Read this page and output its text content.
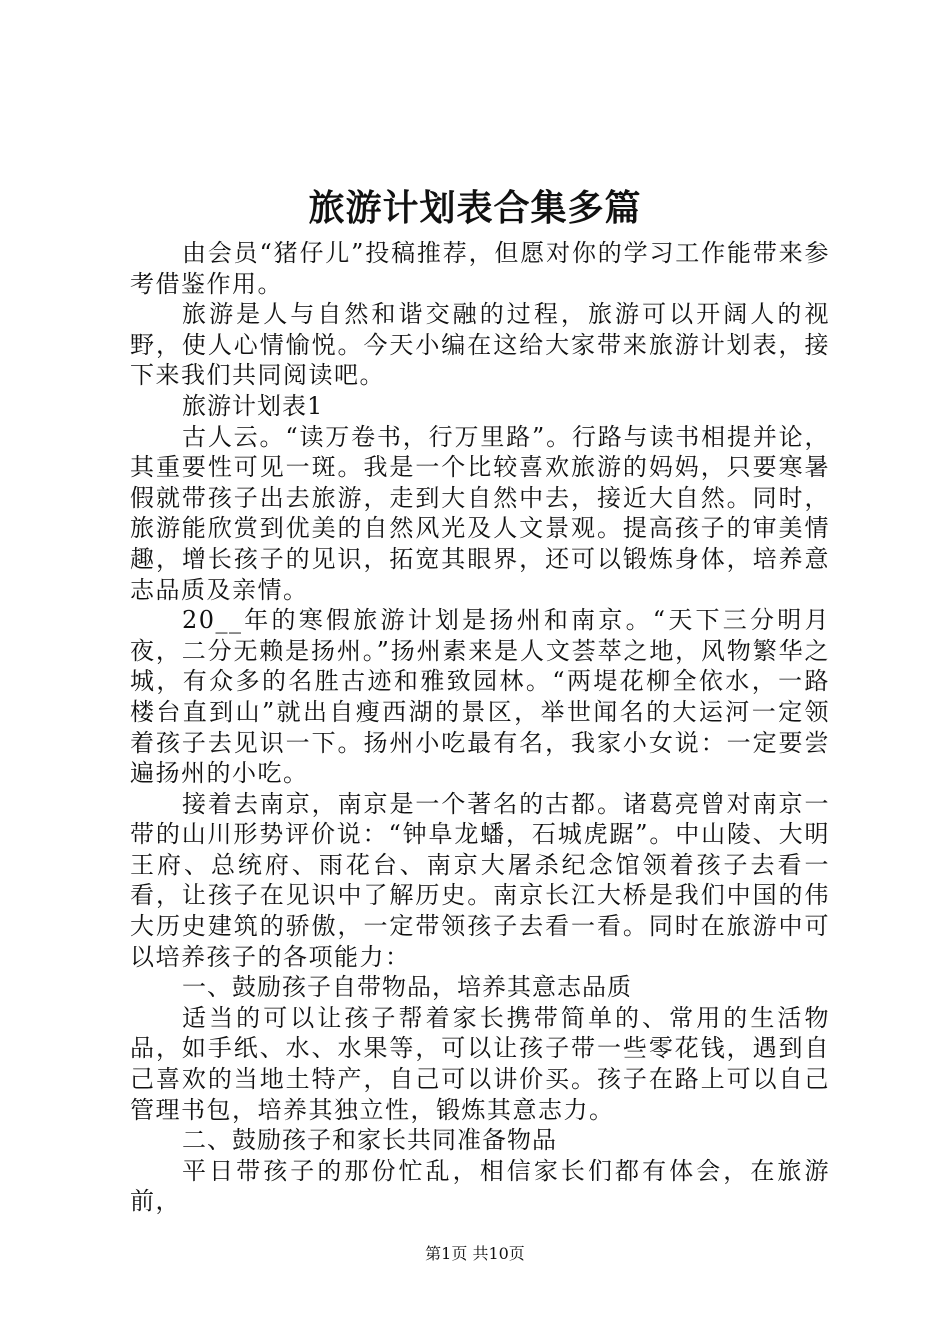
旅游计划表合集多篇

由会员“猪仔儿”投稿推荐，但愿对你的学习工作能带来参考借鉴作用。

旅游是人与自然和谐交融的过程，旅游可以开阔人的视野，使人心情愉悦。今天小编在这给大家带来旅游计划表，接下来我们共同阅读吧。

旅游计划表1

古人云。“读万卷书，行万里路”。行路与读书相提并论，其重要性可见一斑。我是一个比较喜欢旅游的妈妈，只要寒暑假就带孩子出去旅游，走到大自然中去，接近大自然。同时，旅游能欣赏到优美的自然风光及人文景观。提高孩子的审美情趣，增长孩子的见识，拓宽其眼界，还可以锻炼身体，培养意志品质及亲情。

20__年的寒假旅游计划是扬州和南京。“天下三分明月夜，二分无赖是扬州。”扬州素来是人文荟萃之地，风物繁华之城，有众多的名胜古迹和雅致园林。“两堤花柳全依水，一路楼台直到山”就出自瘦西湖的景区，举世闻名的大运河一定领着孩子去见识一下。扬州小吃最有名，我家小女说：一定要尝遍扬州的小吃。

接着去南京，南京是一个著名的古都。诸葛亮曾对南京一带的山川形势评价说：“钟阜龙蟠，石城虎踞”。中山陵、大明王府、总统府、雨花台、南京大屠杀纪念馆领着孩子去看一看，让孩子在见识中了解历史。南京长江大桥是我们中国的伟大历史建筑的骄傲，一定带领孩子去看一看。同时在旅游中可以培养孩子的各项能力：

一、鼓励孩子自带物品，培养其意志品质

适当的可以让孩子帮着家长携带简单的、常用的生活物品，如手纸、水、水果等，可以让孩子带一些零花钱，遇到自己喜欢的当地土特产，自己可以讲价买。孩子在路上可以自己管理书包，培养其独立性，锻炼其意志力。

二、鼓励孩子和家长共同准备物品

平日带孩子的那份忙乱，相信家长们都有体会，在旅游前，

第1页 共10页
